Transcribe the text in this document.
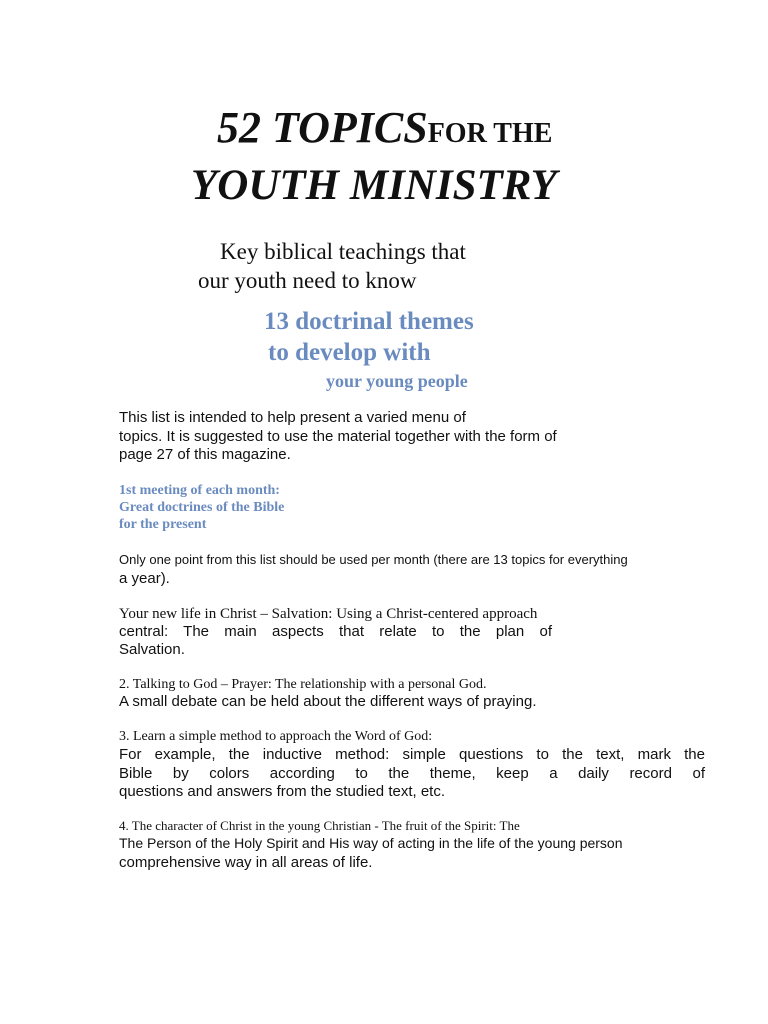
52 TOPICSFOR THE
YOUTH MINISTRY
Key biblical teachings that
our youth need to know
13 doctrinal themes
to develop with
your young people
This list is intended to help present a varied menu of
topics. It is suggested to use the material together with the form of
page 27 of this magazine.
1st meeting of each month:
Great doctrines of the Bible
for the present
Only one point from this list should be used per month (there are 13 topics for everything
a year).
Your new life in Christ – Salvation: Using a Christ-centered approach
central: The main aspects that relate to the plan of
Salvation.
2. Talking to God – Prayer: The relationship with a personal God.
A small debate can be held about the different ways of praying.
3. Learn a simple method to approach the Word of God:
For example, the inductive method: simple questions to the text, mark the
Bible by colors according to the theme, keep a daily record of
questions and answers from the studied text, etc.
4. The character of Christ in the young Christian - The fruit of the Spirit: The
The Person of the Holy Spirit and His way of acting in the life of the young person
comprehensive way in all areas of life.
